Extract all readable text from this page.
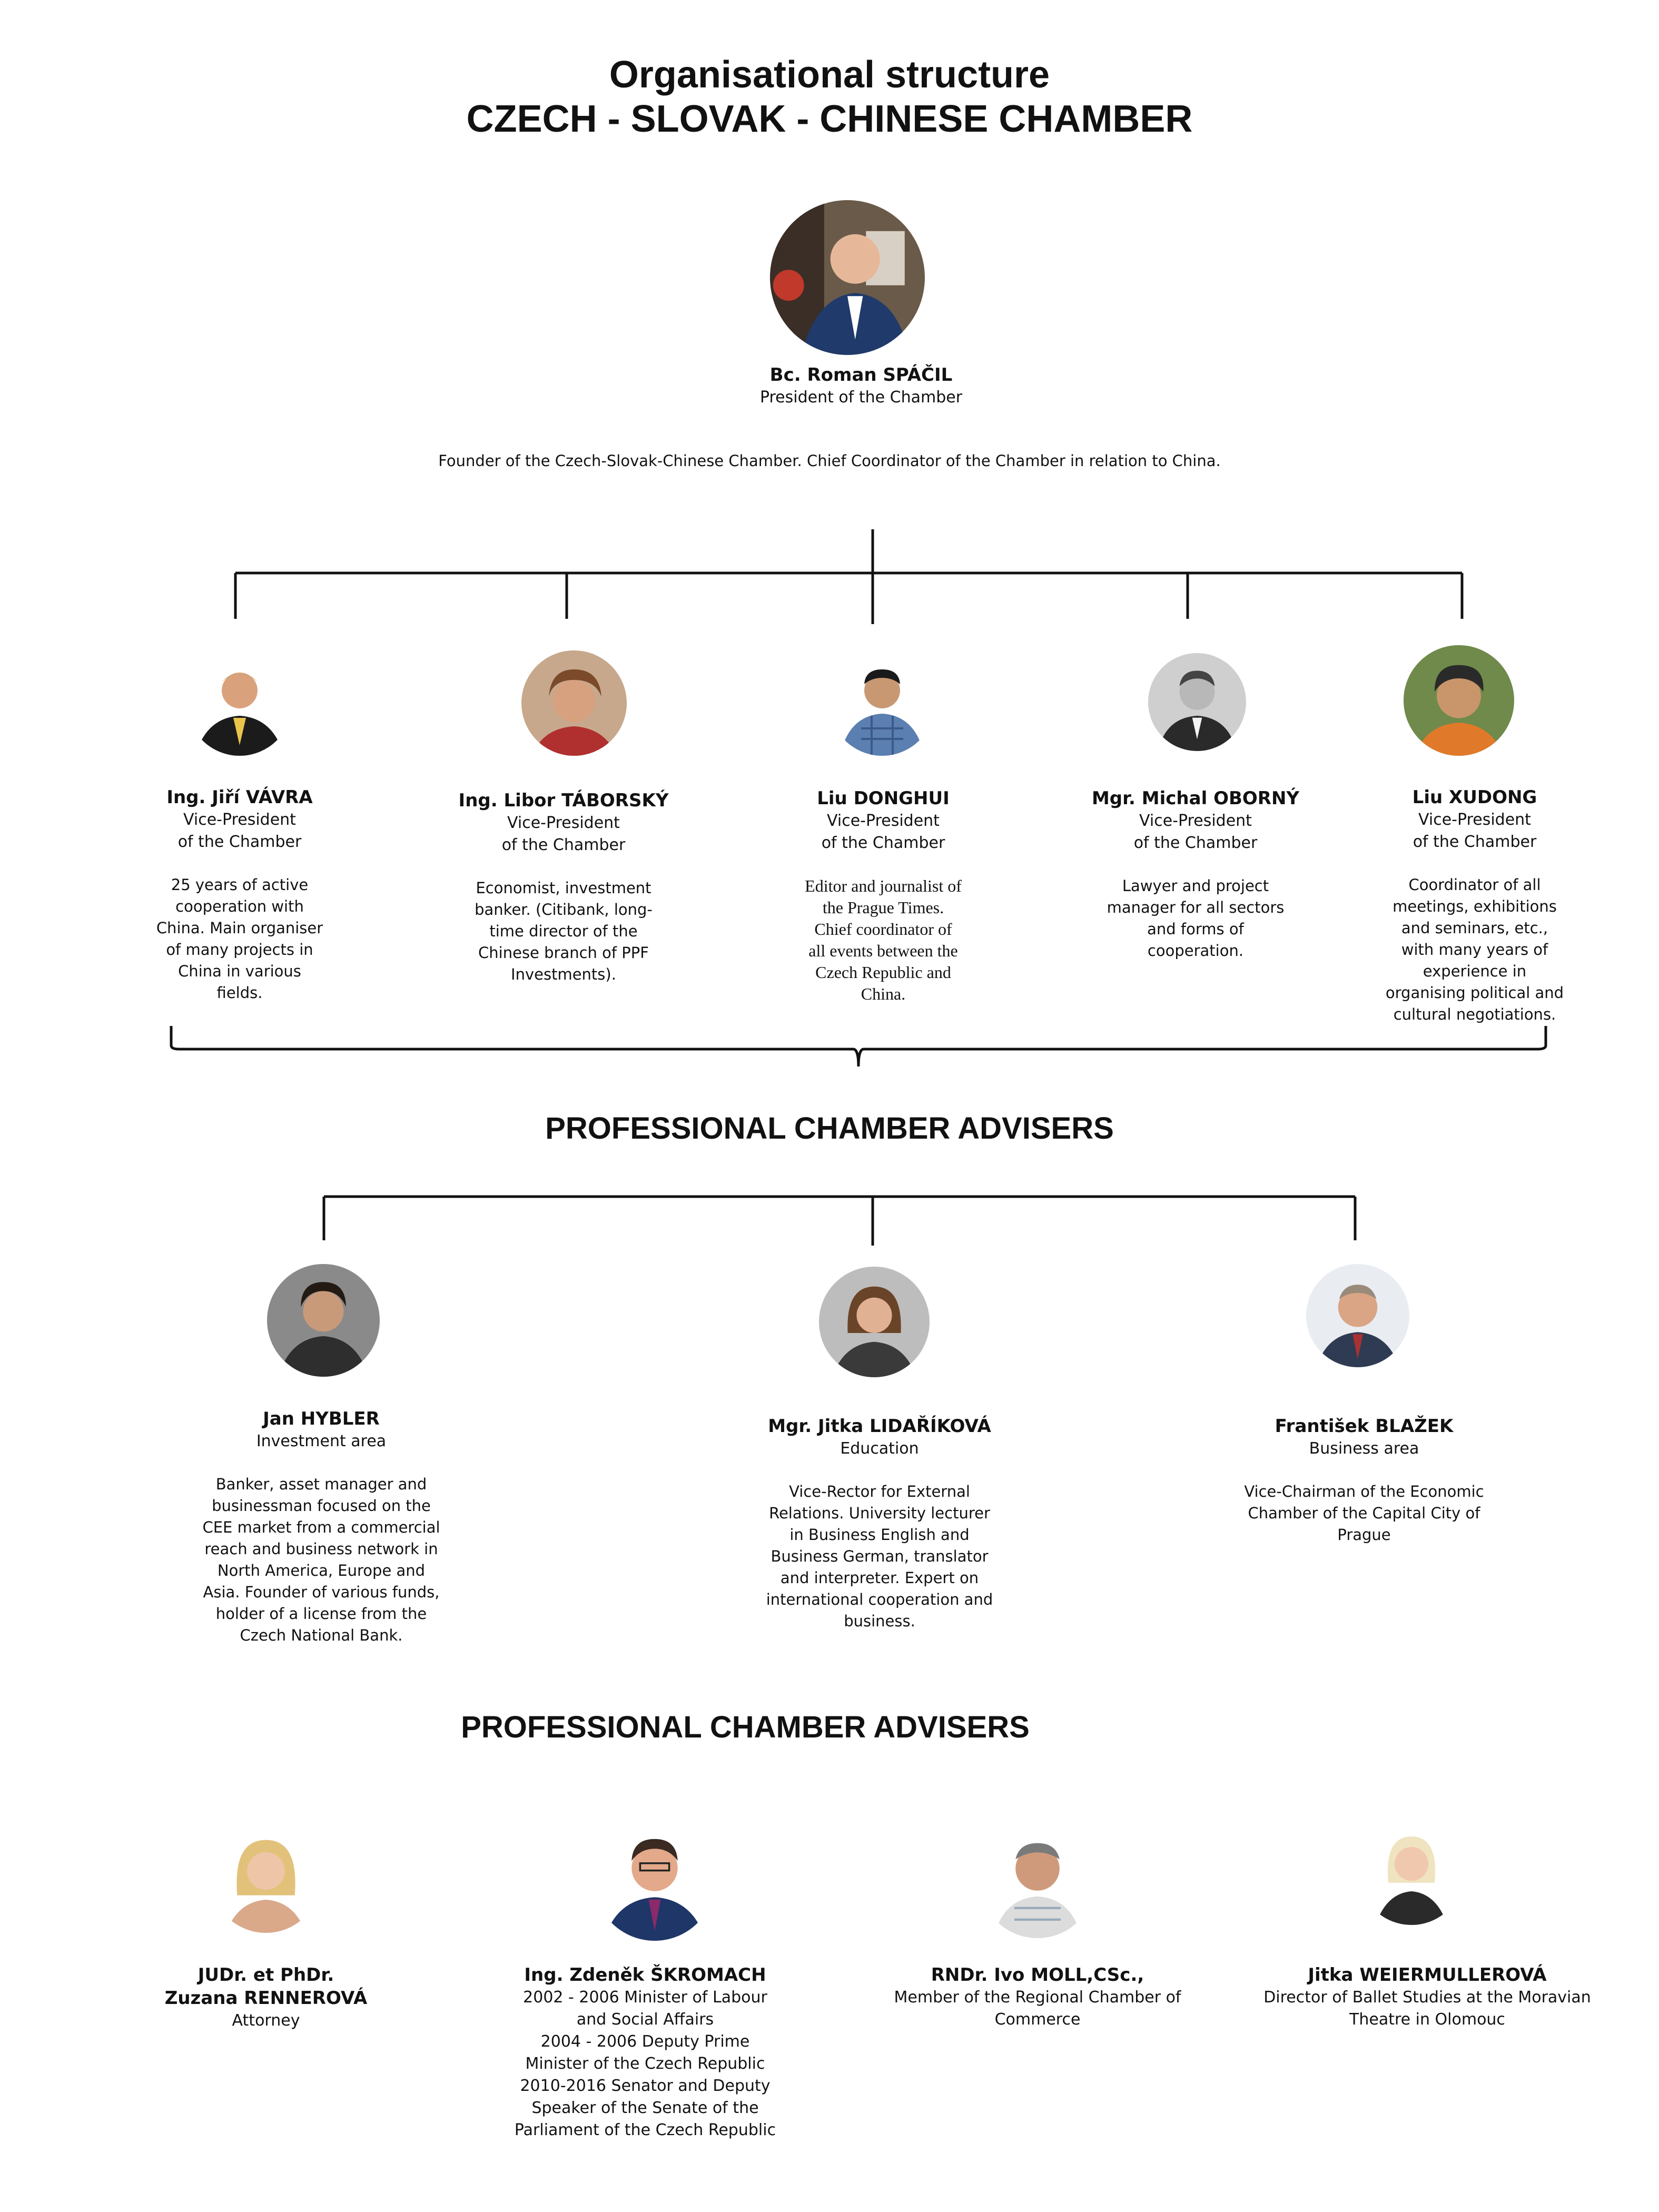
Organisational structure
CZECH - SLOVAK - CHINESE CHAMBER
Bc. Roman SPÁČIL
President of the Chamber
Founder of the Czech-Slovak-Chinese Chamber. Chief Coordinator of the Chamber in relation to China.
Ing. Jiří VÁVRA
Vice-President
of the Chamber
25 years of active
cooperation with
China. Main organiser
of many projects in
China in various
fields.
Ing. Libor TÁBORSKÝ
Vice-President
of the Chamber
Economist, investment
banker. (Citibank, long-
time director of the
Chinese branch of PPF
Investments).
Liu DONGHUI
Vice-President
of the Chamber
Editor and journalist of
the Prague Times.
Chief coordinator of
all events between the
Czech Republic and
China.
Mgr. Michal OBORNÝ
Vice-President
of the Chamber
Lawyer and project
manager for all sectors
and forms of
cooperation.
Liu XUDONG
Vice-President
of the Chamber
Coordinator of all
meetings, exhibitions
and seminars, etc.,
with many years of
experience in
organising political and
cultural negotiations.
PROFESSIONAL CHAMBER ADVISERS
Jan HYBLER
Investment area
Banker, asset manager and
businessman focused on the
CEE market from a commercial
reach and business network in
North America, Europe and
Asia. Founder of various funds,
holder of a license from the
Czech National Bank.
Mgr. Jitka LIDAŘÍKOVÁ
Education
Vice-Rector for External
Relations. University lecturer
in Business English and
Business German, translator
and interpreter. Expert on
international cooperation and
business.
František BLAŽEK
Business area
Vice-Chairman of the Economic
Chamber of the Capital City of
Prague
PROFESSIONAL CHAMBER ADVISERS
JUDr. et PhDr.
Zuzana RENNEROVÁ
Attorney
Ing. Zdeněk ŠKROMACH
2002 - 2006 Minister of Labour
and Social Affairs
2004 - 2006 Deputy Prime
Minister of the Czech Republic
2010-2016 Senator and Deputy
Speaker of the Senate of the
Parliament of the Czech Republic
RNDr. Ivo MOLL,CSc.,
Member of the Regional Chamber of
Commerce
Jitka WEIERMULLEROVÁ
Director of Ballet Studies at the Moravian
Theatre in Olomouc
